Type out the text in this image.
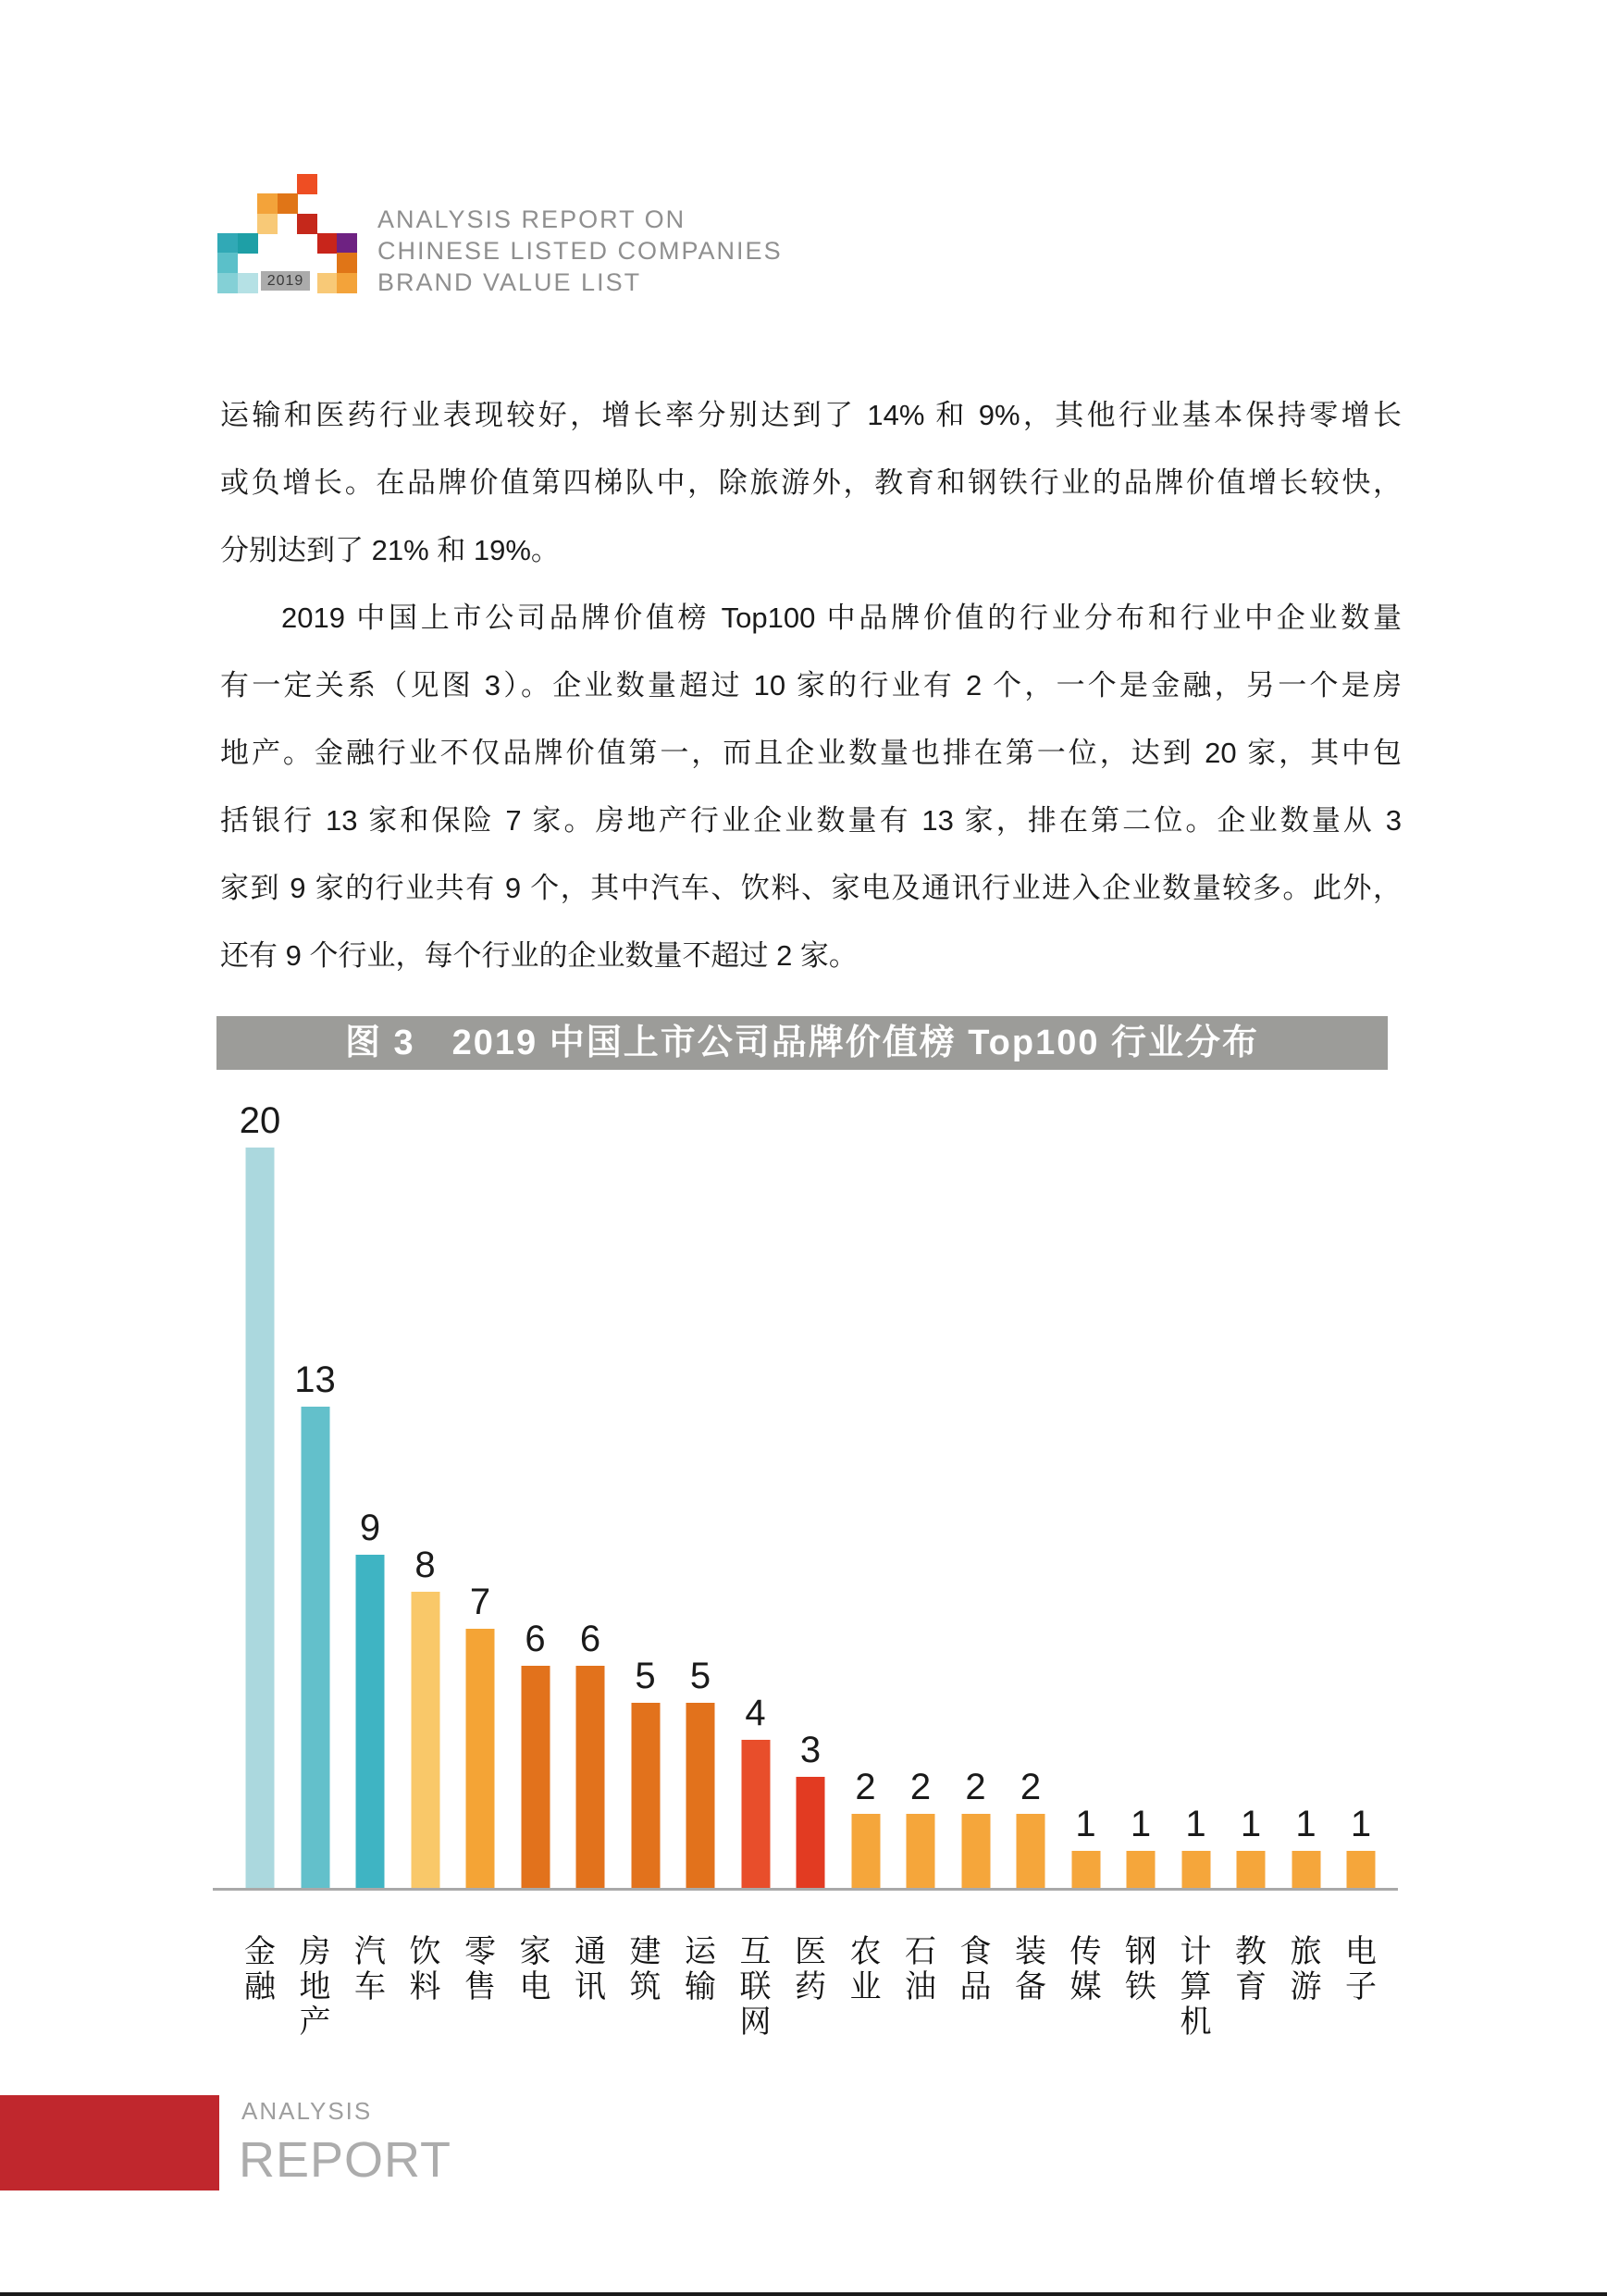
2019
ANALYSIS REPORT ON
CHINESE LISTED COMPANIES
BRAND VALUE LIST
运输和医药行业表现较好，增长率分别达到了 14% 和 9%，其他行业基本保持零增长
或负增长。在品牌价值第四梯队中，除旅游外，教育和钢铁行业的品牌价值增长较快，
分别达到了 21% 和 19%。
2019 中国上市公司品牌价值榜 Top100 中品牌价值的行业分布和行业中企业数量
有一定关系（见图 3）。企业数量超过 10 家的行业有 2 个，一个是金融，另一个是房
地产。金融行业不仅品牌价值第一，而且企业数量也排在第一位，达到 20 家，其中包
括银行 13 家和保险 7 家。房地产行业企业数量有 13 家，排在第二位。企业数量从 3
家到 9 家的行业共有 9 个，其中汽车、饮料、家电及通讯行业进入企业数量较多。此外，
还有 9 个行业，每个行业的企业数量不超过 2 家。
图 3　2019 中国上市公司品牌价值榜 Top100 行业分布
20
13
9
8
7
6 6
5 5
4
3
2 2 2 2
1 1 1 1 1 1
金
融
房
地
产
汽
车
饮
料
零
售
家
电
通
讯
建
筑
运
输
互
联
网
医
药
农
业
石
油
食
品
装
备
传
媒
钢
铁
计
算
机
教
育
旅
游
电
子
ANALYSIS
REPORT
